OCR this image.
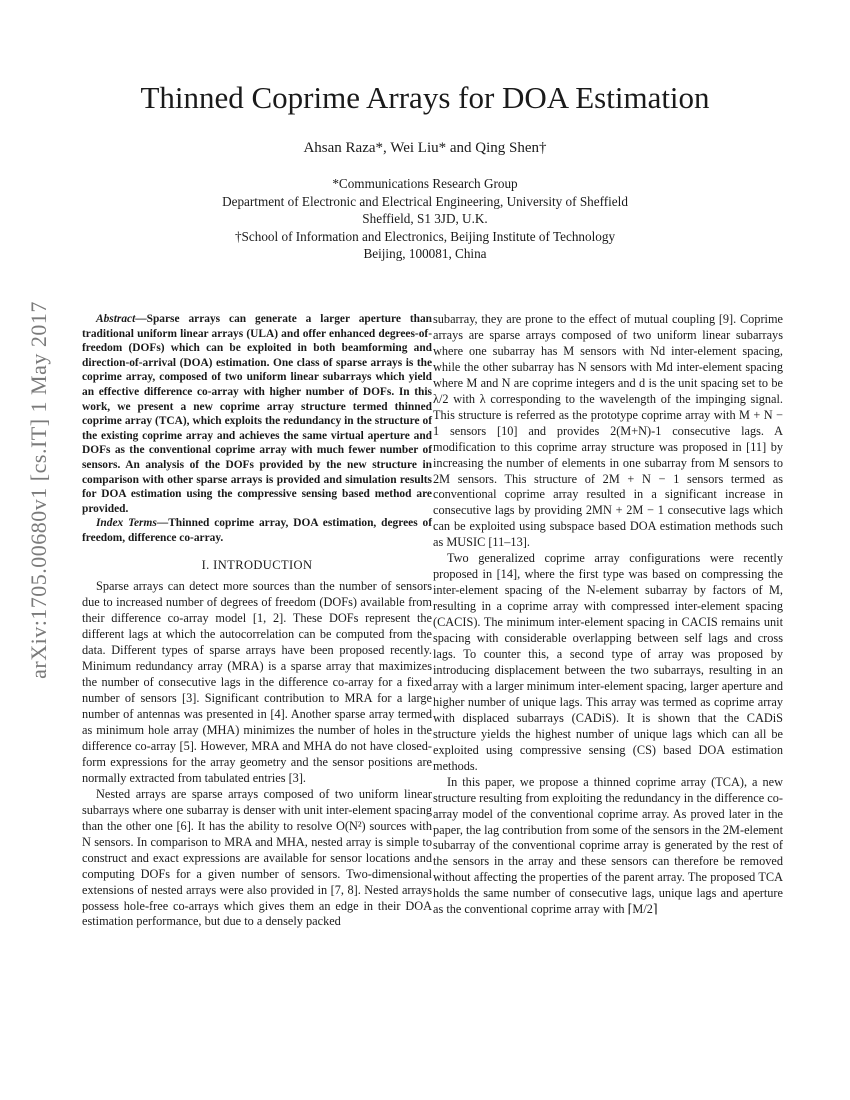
arXiv:1705.00680v1 [cs.IT] 1 May 2017
Thinned Coprime Arrays for DOA Estimation
Ahsan Raza*, Wei Liu* and Qing Shen†
*Communications Research Group
Department of Electronic and Electrical Engineering, University of Sheffield
Sheffield, S1 3JD, U.K.
†School of Information and Electronics, Beijing Institute of Technology
Beijing, 100081, China

Abstract—Sparse arrays can generate a larger aperture than traditional uniform linear arrays (ULA) and offer enhanced degrees-of-freedom (DOFs) which can be exploited in both beamforming and direction-of-arrival (DOA) estimation. One class of sparse arrays is the coprime array, composed of two uniform linear subarrays which yield an effective difference co-array with higher number of DOFs. In this work, we present a new coprime array structure termed thinned coprime array (TCA), which exploits the redundancy in the structure of the existing coprime array and achieves the same virtual aperture and DOFs as the conventional coprime array with much fewer number of sensors. An analysis of the DOFs provided by the new structure in comparison with other sparse arrays is provided and simulation results for DOA estimation using the compressive sensing based method are provided.

Index Terms—Thinned coprime array, DOA estimation, degrees of freedom, difference co-array.

I. INTRODUCTION

Sparse arrays can detect more sources than the number of sensors due to increased number of degrees of freedom (DOFs) available from their difference co-array model [1, 2]. These DOFs represent the different lags at which the autocorrelation can be computed from the data. Different types of sparse arrays have been proposed recently. Minimum redundancy array (MRA) is a sparse array that maximizes the number of consecutive lags in the difference co-array for a fixed number of sensors [3]. Significant contribution to MRA for a large number of antennas was presented in [4]. Another sparse array termed as minimum hole array (MHA) minimizes the number of holes in the difference co-array [5]. However, MRA and MHA do not have closed-form expressions for the array geometry and the sensor positions are normally extracted from tabulated entries [3].

Nested arrays are sparse arrays composed of two uniform linear subarrays where one subarray is denser with unit inter-element spacing than the other one [6]. It has the ability to resolve O(N²) sources with N sensors. In comparison to MRA and MHA, nested array is simple to construct and exact expressions are available for sensor locations and computing DOFs for a given number of sensors. Two-dimensional extensions of nested arrays were also provided in [7, 8]. Nested arrays possess hole-free co-arrays which gives them an edge in their DOA estimation performance, but due to a densely packed

subarray, they are prone to the effect of mutual coupling [9]. Coprime arrays are sparse arrays composed of two uniform linear subarrays where one subarray has M sensors with Nd inter-element spacing, while the other subarray has N sensors with Md inter-element spacing where M and N are coprime integers and d is the unit spacing set to be λ/2 with λ corresponding to the wavelength of the impinging signal. This structure is referred as the prototype coprime array with M + N − 1 sensors [10] and provides 2(M+N)-1 consecutive lags. A modification to this coprime array structure was proposed in [11] by increasing the number of elements in one subarray from M sensors to 2M sensors. This structure of 2M + N − 1 sensors termed as conventional coprime array resulted in a significant increase in consecutive lags by providing 2MN + 2M − 1 consecutive lags which can be exploited using subspace based DOA estimation methods such as MUSIC [11–13].

Two generalized coprime array configurations were recently proposed in [14], where the first type was based on compressing the inter-element spacing of the N-element subarray by factors of M, resulting in a coprime array with compressed inter-element spacing (CACIS). The minimum inter-element spacing in CACIS remains unit spacing with considerable overlapping between self lags and cross lags. To counter this, a second type of array was proposed by introducing displacement between the two subarrays, resulting in an array with a larger minimum inter-element spacing, larger aperture and higher number of unique lags. This array was termed as coprime array with displaced subarrays (CADiS). It is shown that the CADiS structure yields the highest number of unique lags which can all be exploited using compressive sensing (CS) based DOA estimation methods.

In this paper, we propose a thinned coprime array (TCA), a new structure resulting from exploiting the redundancy in the difference co-array model of the conventional coprime array. As proved later in the paper, the lag contribution from some of the sensors in the 2M-element subarray of the conventional coprime array is generated by the rest of the sensors in the array and these sensors can therefore be removed without affecting the properties of the parent array. The proposed TCA holds the same number of consecutive lags, unique lags and aperture as the conventional coprime array with ⌈M/2⌉
